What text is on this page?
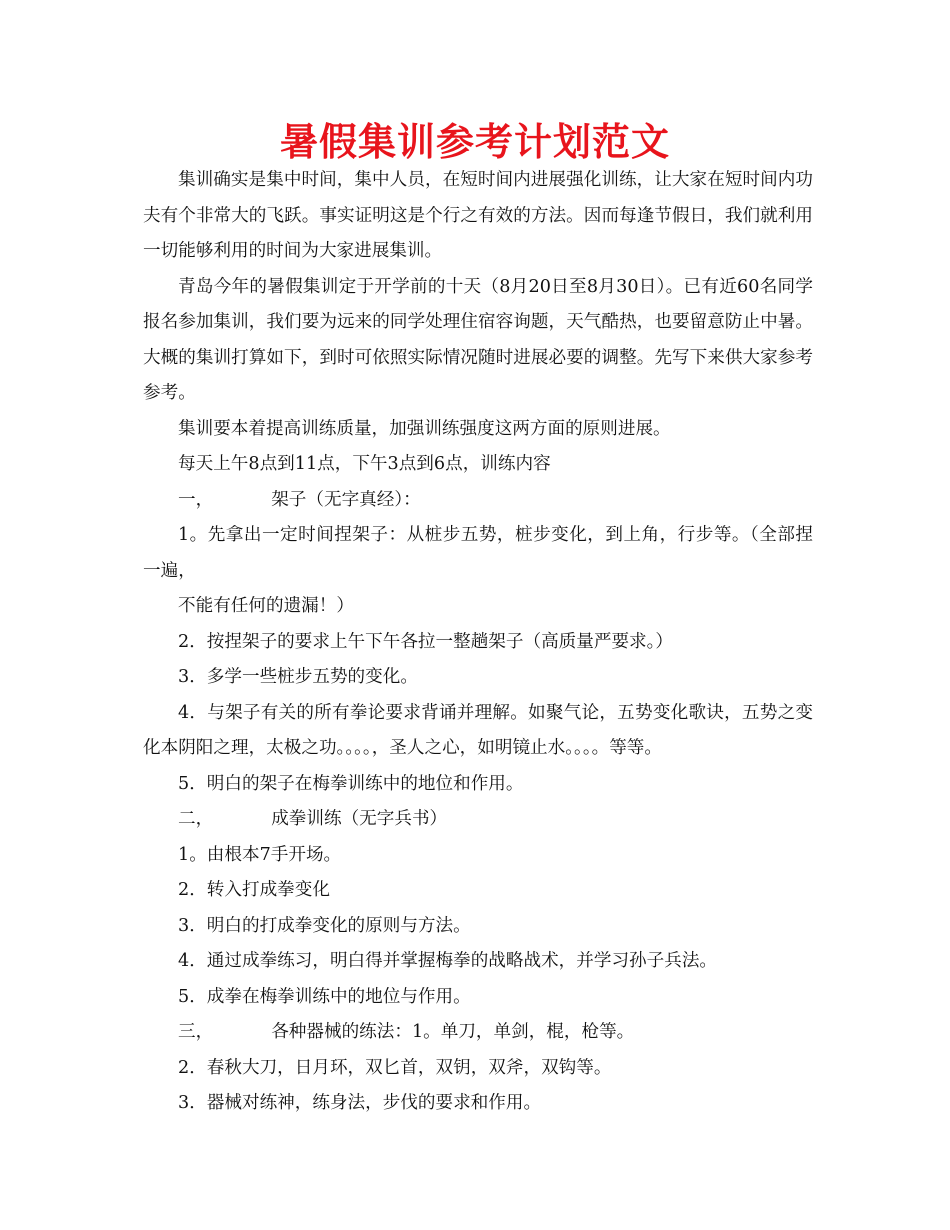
暑假集训参考计划范文

集训确实是集中时间，集中人员，在短时间内进展强化训练，让大家在短时间内功夫有个非常大的飞跃。事实证明这是个行之有效的方法。因而每逢节假日，我们就利用一切能够利用的时间为大家进展集训。

青岛今年的暑假集训定于开学前的十天（8月20日至8月30日）。已有近60名同学报名参加集训，我们要为远来的同学处理住宿容询题，天气酷热，也要留意防止中暑。大概的集训打算如下，到时可依照实际情况随时进展必要的调整。先写下来供大家参考参考。

集训要本着提高训练质量，加强训练强度这两方面的原则进展。

每天上午8点到11点，下午3点到6点，训练内容

一，	架子（无字真经）：

1。先拿出一定时间捏架子：从桩步五势，桩步变化，到上角，行步等。（全部捏一遍，

不能有任何的遗漏！）

2．按捏架子的要求上午下午各拉一整趟架子（高质量严要求。）

3．多学一些桩步五势的变化。

4．与架子有关的所有拳论要求背诵并理解。如聚气论，五势变化歌诀，五势之变化本阴阳之理，太极之功。。。。，圣人之心，如明镜止水。。。。等等。

5．明白的架子在梅拳训练中的地位和作用。

二，	成拳训练（无字兵书）

1。由根本7手开场。

2．转入打成拳变化

3．明白的打成拳变化的原则与方法。

4．通过成拳练习，明白得并掌握梅拳的战略战术，并学习孙子兵法。

5．成拳在梅拳训练中的地位与作用。

三，	各种器械的练法：1。单刀，单剑，棍，枪等。

2．春秋大刀，日月环，双匕首，双钥，双斧，双钩等。

3．器械对练神，练身法，步伐的要求和作用。
